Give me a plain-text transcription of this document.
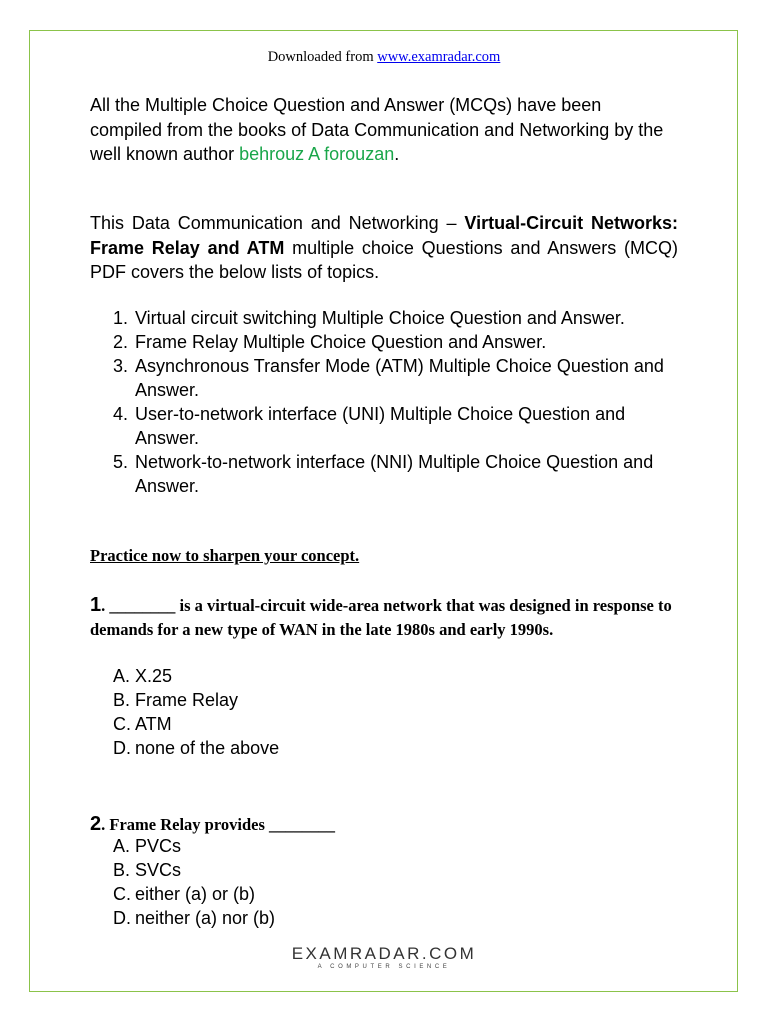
Downloaded from www.examradar.com
All the Multiple Choice Question and Answer (MCQs) have been compiled from the books of Data Communication and Networking by the well known author behrouz A forouzan.
This Data Communication and Networking – Virtual-Circuit Networks: Frame Relay and ATM multiple choice Questions and Answers (MCQ) PDF covers the below lists of topics.
1. Virtual circuit switching Multiple Choice Question and Answer.
2. Frame Relay Multiple Choice Question and Answer.
3. Asynchronous Transfer Mode (ATM) Multiple Choice Question and Answer.
4. User-to-network interface (UNI) Multiple Choice Question and Answer.
5. Network-to-network interface (NNI) Multiple Choice Question and Answer.
Practice now to sharpen your concept.
1. ________ is a virtual-circuit wide-area network that was designed in response to demands for a new type of WAN in the late 1980s and early 1990s.
A. X.25
B. Frame Relay
C. ATM
D. none of the above
2. Frame Relay provides ________
A. PVCs
B. SVCs
C. either (a) or (b)
D. neither (a) nor (b)
EXAMRADAR.COM
A COMPUTER SCIENCE
